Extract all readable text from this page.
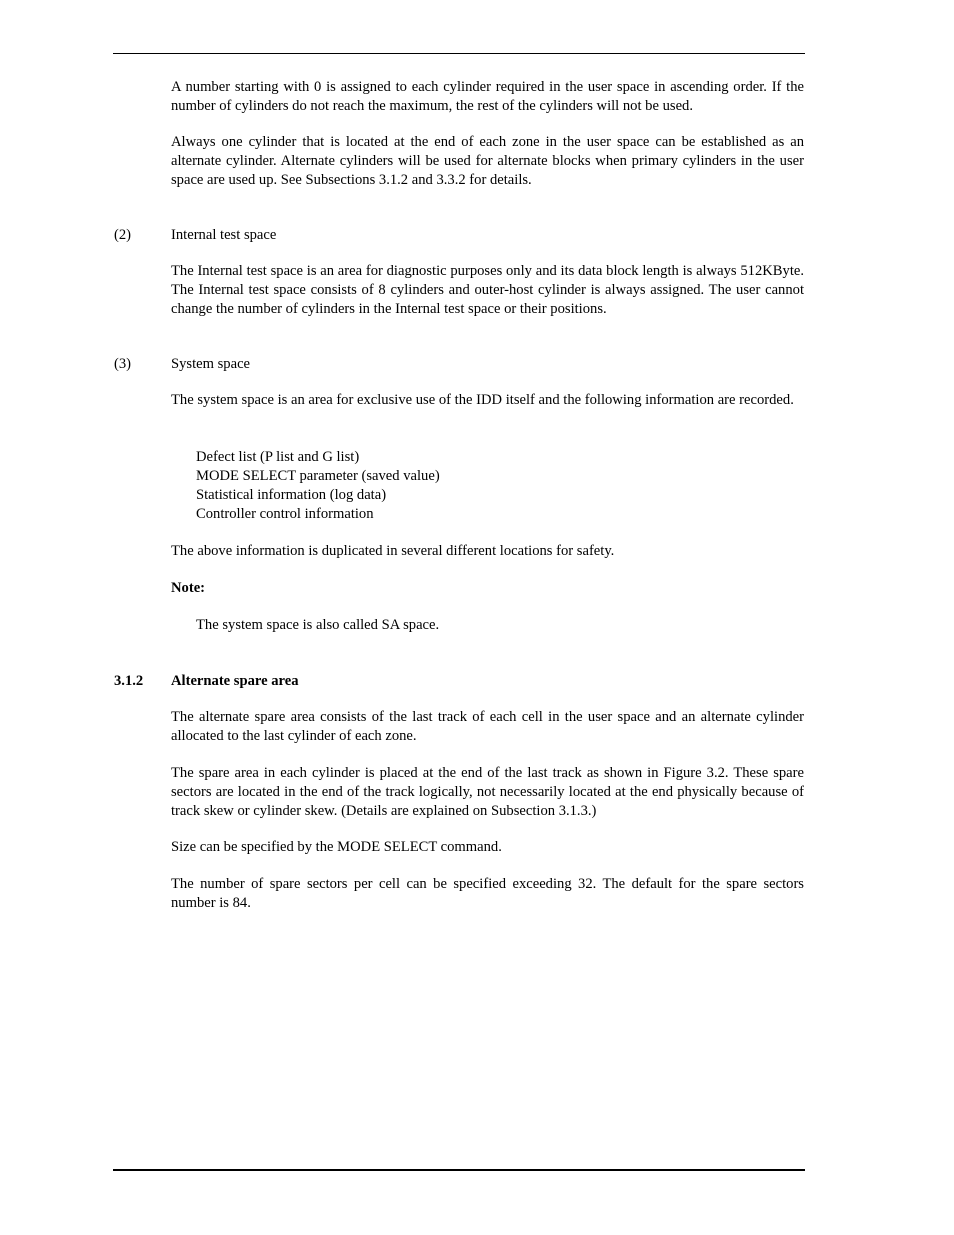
A number starting with 0 is assigned to each cylinder required in the user space in ascending order. If the number of cylinders do not reach the maximum, the rest of the cylinders will not be used.

Always one cylinder that is located at the end of each zone in the user space can be established as an alternate cylinder. Alternate cylinders will be used for alternate blocks when primary cylinders in the user space are used up. See Subsections 3.1.2 and 3.3.2 for details.

(2)	Internal test space

The Internal test space is an area for diagnostic purposes only and its data block length is always 512KByte. The Internal test space consists of 8 cylinders and outer-host cylinder is always assigned. The user cannot change the number of cylinders in the Internal test space or their positions.

(3)	System space

The system space is an area for exclusive use of the IDD itself and the following information are recorded.

Defect list (P list and G list)
MODE SELECT parameter (saved value)
Statistical information (log data)
Controller control information

The above information is duplicated in several different locations for safety.

Note:

The system space is also called SA space.

3.1.2 Alternate spare area

The alternate spare area consists of the last track of each cell in the user space and an alternate cylinder allocated to the last cylinder of each zone.

The spare area in each cylinder is placed at the end of the last track as shown in Figure 3.2. These spare sectors are located in the end of the track logically, not necessarily located at the end physically because of track skew or cylinder skew. (Details are explained on Subsection 3.1.3.)

Size can be specified by the MODE SELECT command.

The number of spare sectors per cell can be specified exceeding 32. The default for the spare sectors number is 84.
